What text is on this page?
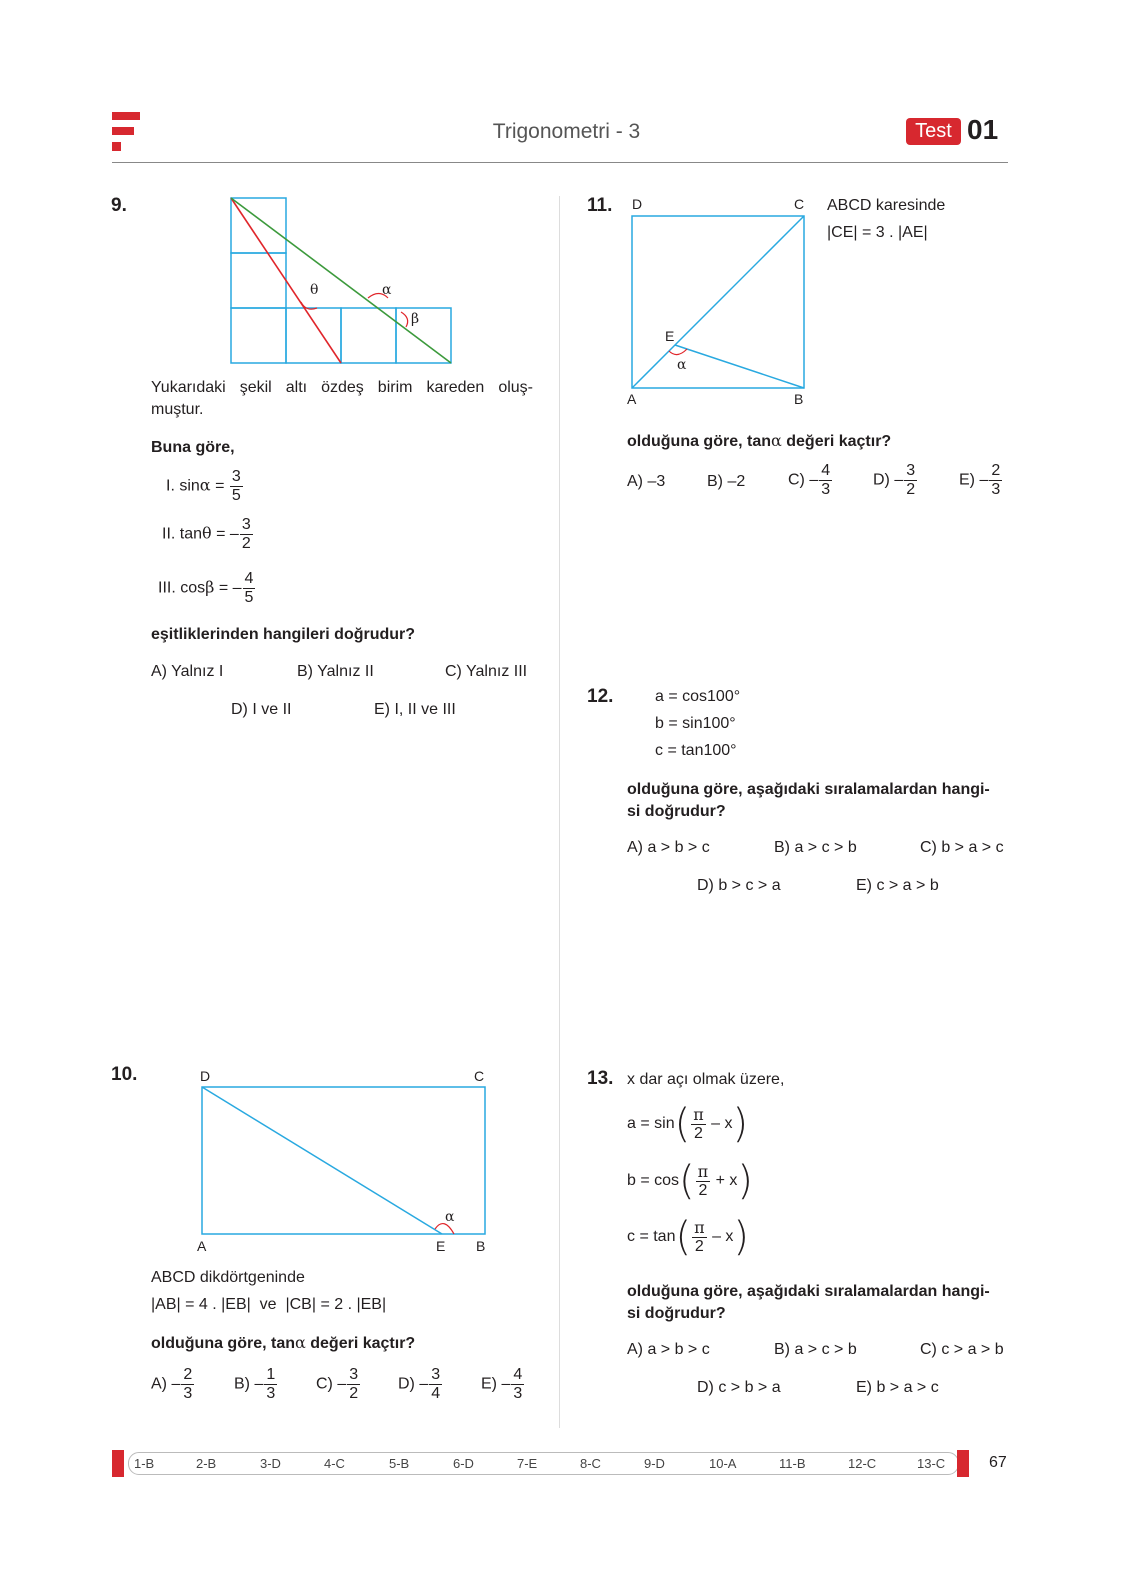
Trigonometri - 3	Test 01
9.
θ	α
β
Yukarıdaki şekil altı özdeş birim kareden oluş-
muştur.
Buna göre,
I. $\sin\alpha = \frac{3}{5}$
II. tanθ = – $\frac{3}{2}$
III. cosβ = – $\frac{4}{5}$
eşitliklerinden hangileri doğrudur?
A) Yalnız I	B) Yalnız II	C) Yalnız III
D) I ve II	E) I, II ve III
10.	D	C
A	E B
α
ABCD dikdörtgeninde
|AB| = 4 . |EB|  ve  |CB| = 2 . |EB|
olduğuna göre, tanα değeri kaçtır?
$A) - \frac{2}{3} B) - \frac{1}{3} C) - \frac{3}{2} D) - \frac{3}{4} E) - \frac{4}{3}$
11. D	C
A	B
E
α
ABCD karesinde
|CE| = 3 . |AE|
olduğuna göre, tanα değeri kaçtır?
A) –3	B) –2	$C) - \frac{4}{3}$	$D) - \frac{3}{2}$	$E) - \frac{2}{3}$
12.	a = cos100°
b = sin100°
c = tan100°
olduğuna göre, aşağıdaki sıralamalardan hangi-
si doğrudur?
A) a > b > c	B) a > c > b	C) b > a > c
D) b > c > a	E) c > a > b
13. x dar açı olmak üzere,
$a = \sin( \frac{\pi}{2} - x)$
$b = \cos( \frac{\pi}{2} + x)$
$c = \tan( \frac{\pi}{2} - x)$
olduğuna göre, aşağıdaki sıralamalardan hangi-
si doğrudur?
A) a > b > c	B) a > c > b	C) c > a > b
D) c > b > a	E) b > a > c
1-B	2-B	3-D	4-C	5-B	6-D	7-E	8-C	9-D	10-A	11-B	12-C	13-C	67
